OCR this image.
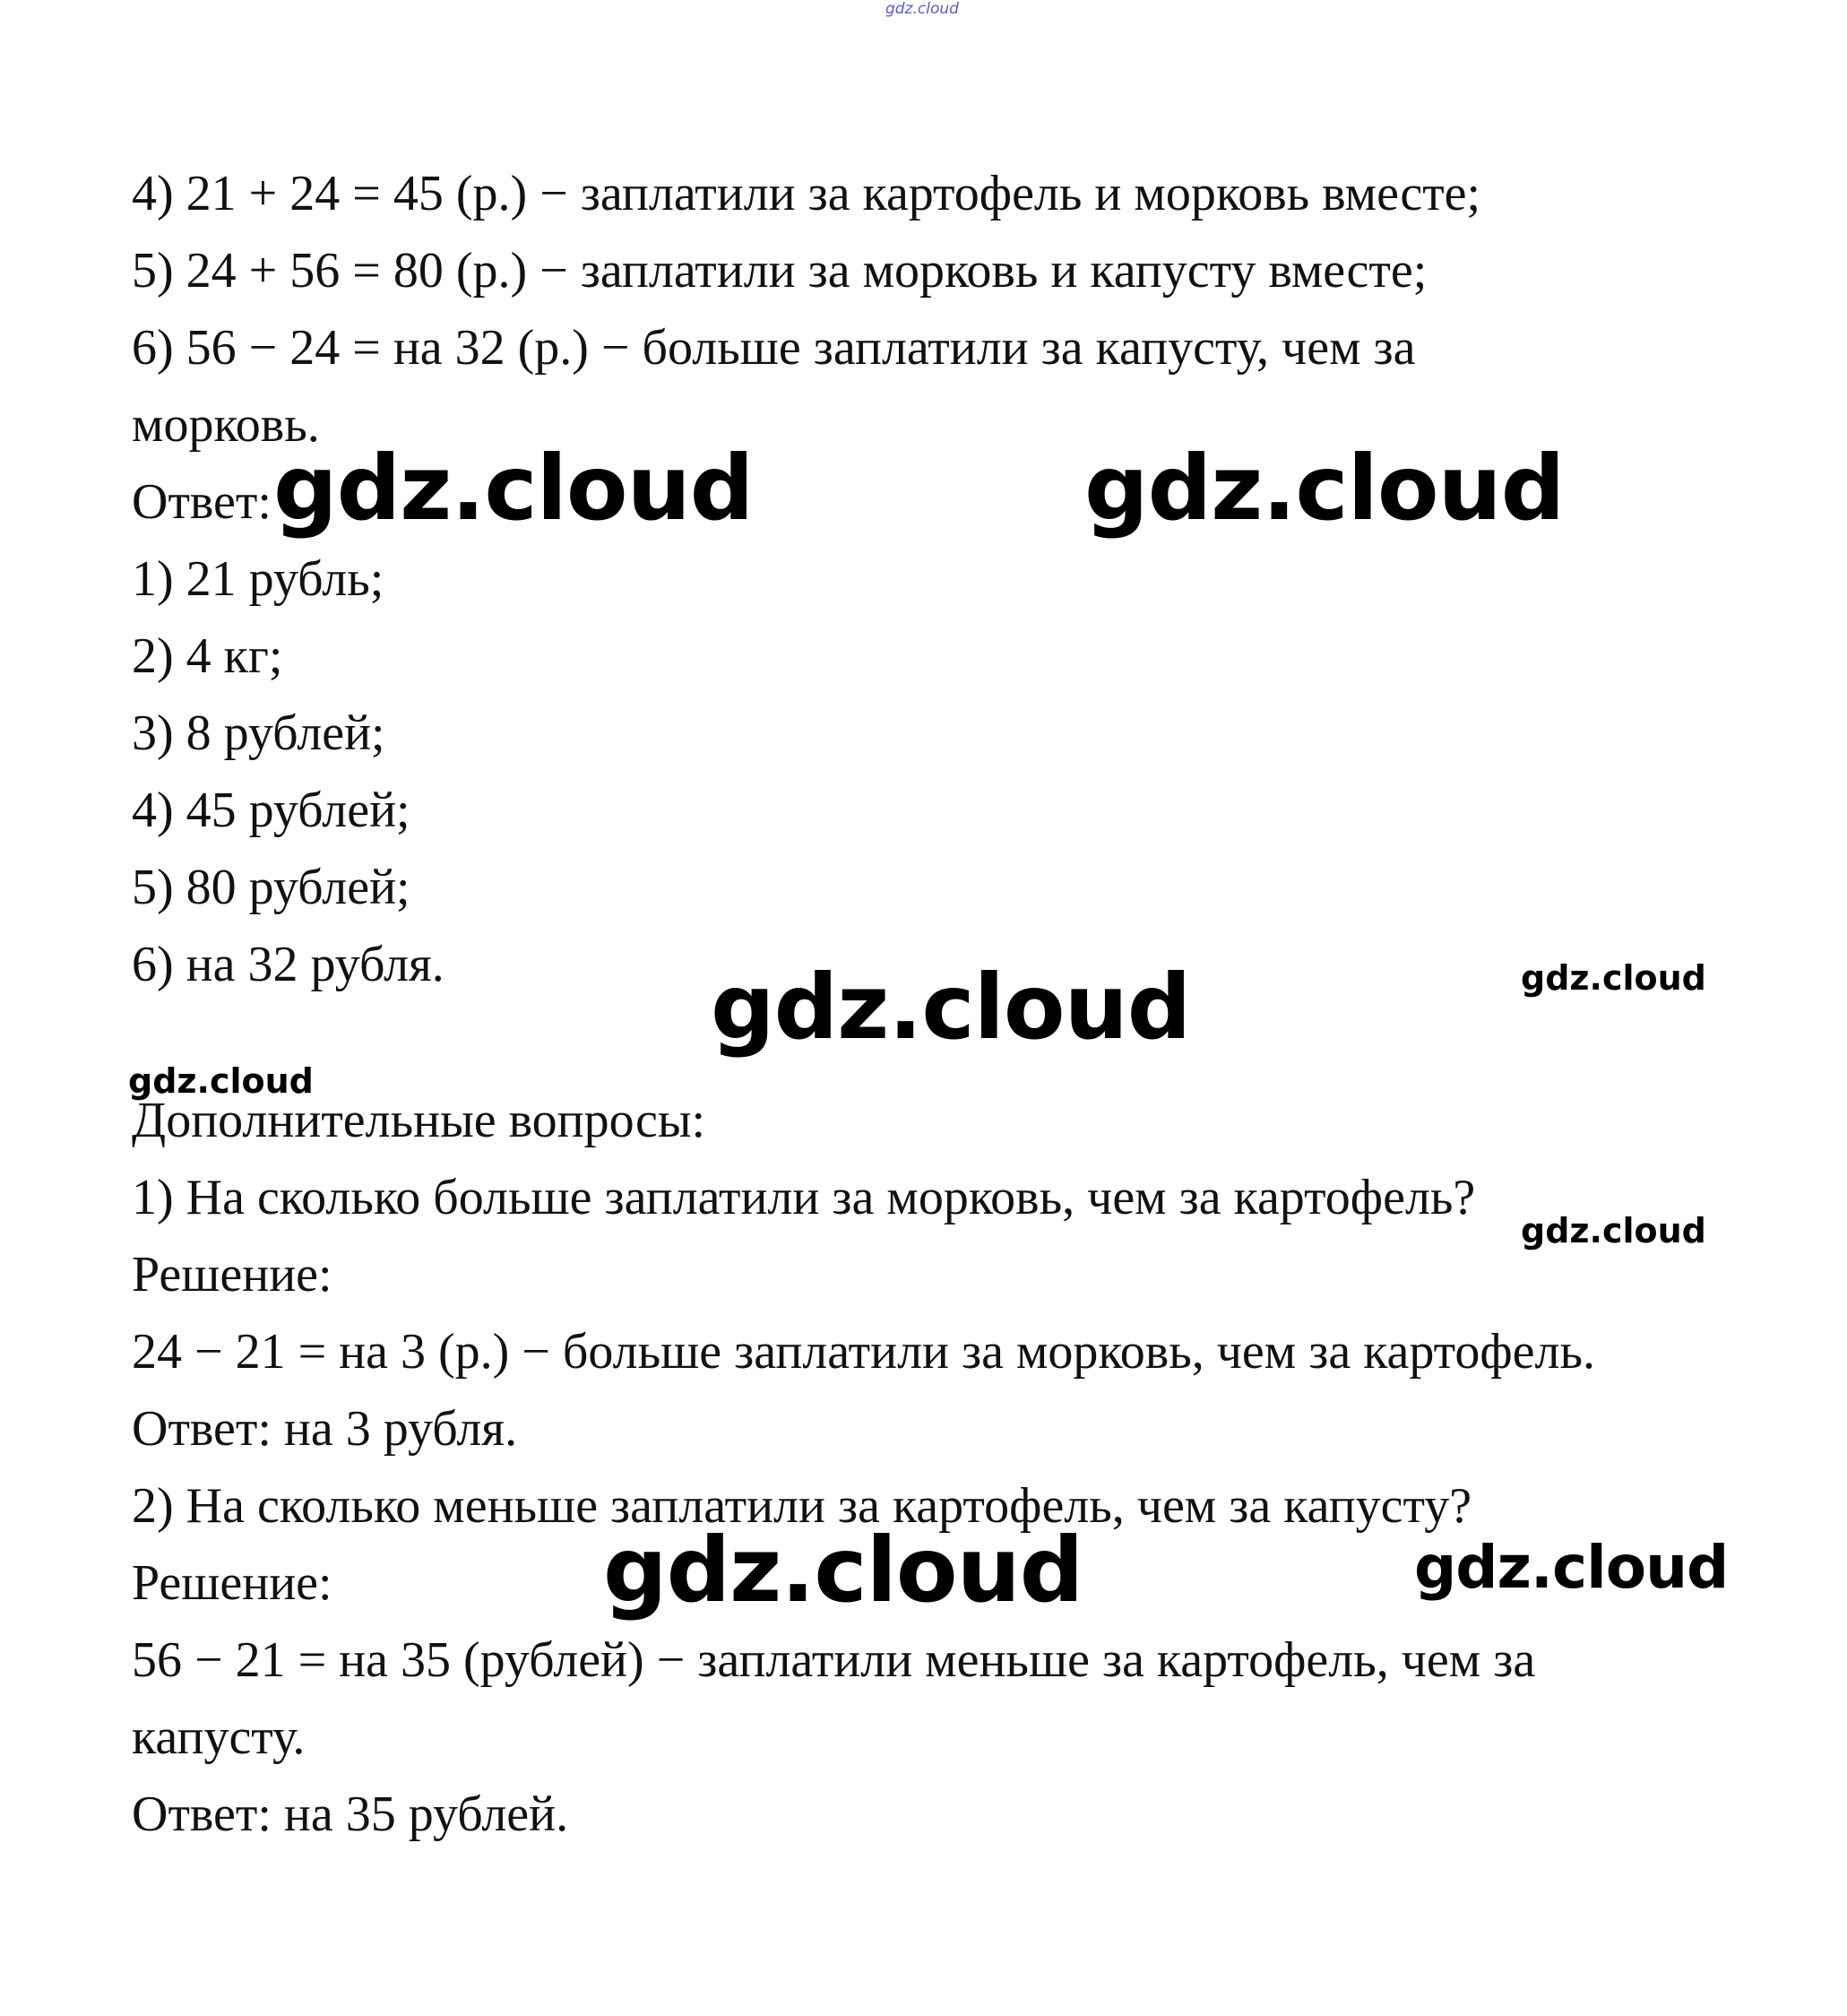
gdz.cloud
4) 21 + 24 = 45 (р.) − заплатили за картофель и морковь вместе;
5) 24 + 56 = 80 (р.) − заплатили за морковь и капусту вместе;
6) 56 − 24 = на 32 (р.) − больше заплатили за капусту, чем за
морковь.
Ответ:
1) 21 рубль;
2) 4 кг;
3) 8 рублей;
4) 45 рублей;
5) 80 рублей;
6) на 32 рубля.
Дополнительные вопросы:
1) На сколько больше заплатили за морковь, чем за картофель?
Решение:
24 − 21 = на 3 (р.) − больше заплатили за морковь, чем за картофель.
Ответ: на 3 рубля.
2) На сколько меньше заплатили за картофель, чем за капусту?
Решение:
56 − 21 = на 35 (рублей) − заплатили меньше за картофель, чем за
капусту.
Ответ: на 35 рублей.
gdz.cloud	gdz.cloud
gdz.cloud	gdz.cloud
gdz.cloud
gdz.cloud
gdz.cloud	gdz.cloud
